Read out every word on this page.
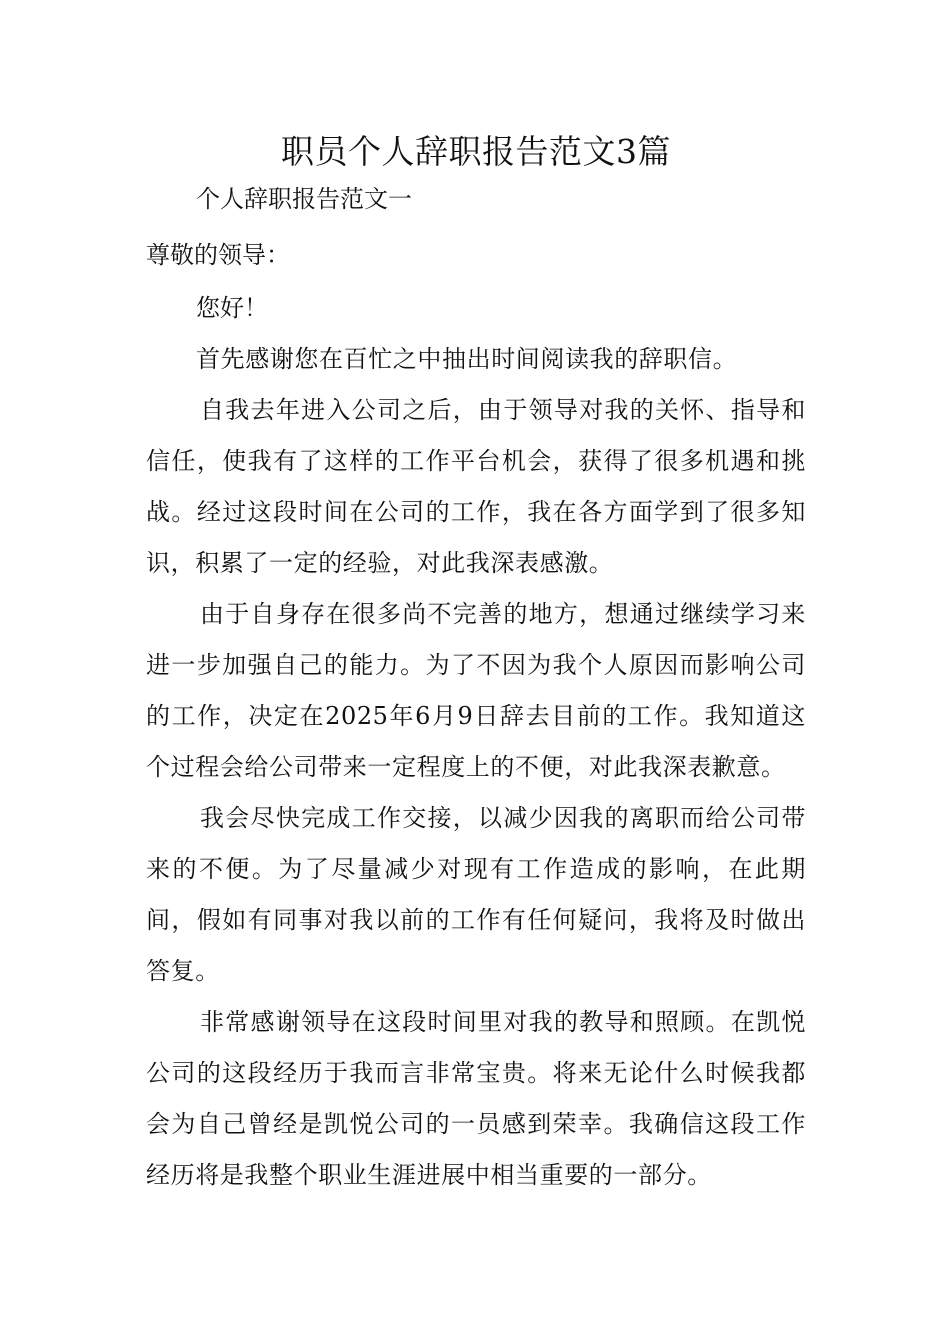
职员个人辞职报告范文3篇

个人辞职报告范文一

尊敬的领导：

您好！

首先感谢您在百忙之中抽出时间阅读我的辞职信。

自我去年进入公司之后，由于领导对我的关怀、指导和信任，使我有了这样的工作平台机会，获得了很多机遇和挑战。经过这段时间在公司的工作，我在各方面学到了很多知识，积累了一定的经验，对此我深表感激。

由于自身存在很多尚不完善的地方，想通过继续学习来进一步加强自己的能力。为了不因为我个人原因而影响公司的工作，决定在2025年6月9日辞去目前的工作。我知道这个过程会给公司带来一定程度上的不便，对此我深表歉意。

我会尽快完成工作交接，以减少因我的离职而给公司带来的不便。为了尽量减少对现有工作造成的影响，在此期间，假如有同事对我以前的工作有任何疑问，我将及时做出答复。

非常感谢领导在这段时间里对我的教导和照顾。在凯悦公司的这段经历于我而言非常宝贵。将来无论什么时候我都会为自己曾经是凯悦公司的一员感到荣幸。我确信这段工作经历将是我整个职业生涯进展中相当重要的一部分。
